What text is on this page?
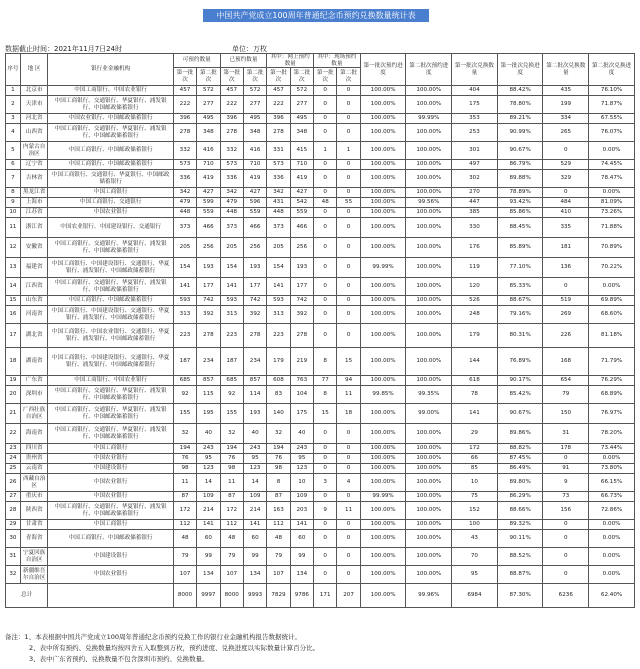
中国共产党成立100周年普通纪念币预约兑换数量统计表
数据截止时间：2021年11月7日24时	单位：万枚
序号	地 区	银行业金融机构	可预约数量		已预约数量		其中：网上预约数量		其中：现场预约数量		第一批次预约进度	第二批次预约进度	第一批次兑换数量	第一批次兑换进度	第二批次兑换数量	第二批次兑换进度
			第一批次	第二批次	第一批次	第二批次	第一批次	第二批次	第一批次	第二批次						
1	北京市	中国工商银行、中国农业银行	457	572	457	572	457	572	0	0	100.00%	100.00%	404	88.42%	435	76.10%
2	天津市	中国工商银行、交通银行、华夏银行、浦发银行、中国邮政储蓄银行	222	277	222	277	222	277	0	0	100.00%	100.00%	175	78.80%	199	71.87%
3	河北省	中国农业银行、中国邮政储蓄银行	396	495	396	495	396	495	0	0	100.00%	99.99%	353	89.21%	334	67.55%
4	山西省	中国工商银行、交通银行、华夏银行、浦发银行、中国邮政储蓄银行	278	348	278	348	278	348	0	0	100.00%	100.00%	253	90.99%	265	76.07%
5	内蒙古自治区	中国工商银行、中国邮政储蓄银行	332	416	332	416	331	415	1	1	100.00%	100.00%	301	90.67%	0	0.00%
6	辽宁省	中国工商银行、中国邮政储蓄银行	573	710	573	710	573	710	0	0	100.00%	100.00%	497	86.79%	529	74.45%
7	吉林省	中国工商银行、交通银行、华夏银行、中国邮政储蓄银行	336	419	336	419	336	419	0	0	100.00%	100.00%	302	89.88%	329	78.47%
8	黑龙江省	中国工商银行	342	427	342	427	342	427	0	0	100.00%	100.00%	270	78.89%	0	0.00%
9	上海市	中国工商银行、交通银行	479	599	479	596	431	542	48	55	100.00%	99.56%	447	93.42%	484	81.09%
10	江苏省	中国农业银行	448	559	448	559	448	559	0	0	100.00%	100.00%	385	85.86%	410	73.26%
11	浙江省	中国农业银行、中国建设银行、交通银行	373	466	373	466	373	466	0	0	100.00%	100.00%	330	88.45%	335	71.88%
12	安徽省	中国工商银行、交通银行、华夏银行、浦发银行、中国邮政储蓄银行	205	256	205	256	205	256	0	0	100.00%	100.00%	176	85.89%	181	70.89%
13	福建省	中国工商银行、中国建设银行、交通银行、华夏银行、浦发银行、中国邮政储蓄银行	154	193	154	193	154	193	0	0	99.99%	100.00%	119	77.10%	136	70.22%
14	江西省	中国工商银行、交通银行、华夏银行、浦发银行、中国邮政储蓄银行	141	177	141	177	141	177	0	0	100.00%	100.00%	120	85.33%	0	0.00%
15	山东省	中国工商银行、中国邮政储蓄银行	593	742	593	742	593	742	0	0	100.00%	100.00%	526	88.67%	519	69.89%
16	河南省	中国工商银行、中国建设银行、交通银行、华夏银行、浦发银行、中国邮政储蓄银行	313	392	313	392	313	392	0	0	100.00%	100.00%	248	79.16%	269	68.60%
17	湖北省	中国工商银行、中国农业银行、交通银行、华夏银行、浦发银行、中国邮政储蓄银行	223	278	223	278	223	278	0	0	100.00%	100.00%	179	80.31%	226	81.18%
18	湖南省	中国工商银行、中国建设银行、交通银行、华夏银行、浦发银行、中国邮政储蓄银行	187	234	187	234	179	219	8	15	100.00%	100.00%	144	76.89%	168	71.79%
19	广东省	中国工商银行、中国农业银行	685	857	685	857	608	763	77	94	100.00%	100.00%	618	90.17%	654	76.29%
20	深圳市	中国工商银行、交通银行、华夏银行、浦发银行、中国邮政储蓄银行	92	115	92	114	83	104	8	11	99.85%	99.35%	78	85.42%	79	68.89%
21	广西壮族自治区	中国工商银行、交通银行、华夏银行、浦发银行、中国邮政储蓄银行	155	195	155	193	140	175	15	18	100.00%	99.00%	141	90.67%	150	76.97%
22	海南省	中国工商银行、交通银行、华夏银行、浦发银行、中国邮政储蓄银行	32	40	32	40	32	40	0	0	100.00%	100.00%	29	89.86%	31	78.20%
23	四川省	中国工商银行	194	243	194	243	194	243	0	0	100.00%	100.00%	172	88.82%	178	73.44%
24	贵州省	中国农业银行	76	95	76	95	76	95	0	0	100.00%	100.00%	66	87.45%	0	0.00%
25	云南省	中国建设银行	98	123	98	123	98	123	0	0	100.00%	100.00%	85	86.49%	91	73.80%
26	西藏自治区	中国农业银行	11	14	11	14	8	10	3	4	100.00%	100.00%	10	89.80%	9	66.15%
27	重庆市	中国农业银行	87	109	87	109	87	109	0	0	99.99%	100.00%	75	86.29%	73	66.73%
28	陕西省	中国工商银行、交通银行、华夏银行、浦发银行、中国邮政储蓄银行	172	214	172	214	163	203	9	11	100.00%	100.00%	152	88.66%	156	72.86%
29	甘肃省	中国工商银行	112	141	112	141	112	141	0	0	100.00%	100.00%	100	89.32%	0	0.00%
30	青海省	中国工商银行、中国邮政储蓄银行	48	60	48	60	48	60	0	0	100.00%	100.00%	43	90.11%	0	0.00%
31	宁夏回族自治区	中国建设银行	79	99	79	99	79	99	0	0	100.00%	100.00%	70	88.52%	0	0.00%
32	新疆维吾尔自治区	中国农业银行	107	134	107	134	107	134	0	0	100.00%	100.00%	95	88.87%	0	0.00%
总计			8000	9997	8000	9993	7829	9786	171	207	100.00%	99.96%	6984	87.30%	6236	62.40%
备注：1、本表根据中国共产党成立100周年普通纪念币预约兑换工作的银行业金融机构报告数据统计。
2、表中所有预约、兑换数量均按四舍五入取整到万枚，预约进度、兑换进度以实际数量计算百分比。
3、表中广东省预约、兑换数量不包含深圳市预约、兑换数量。
